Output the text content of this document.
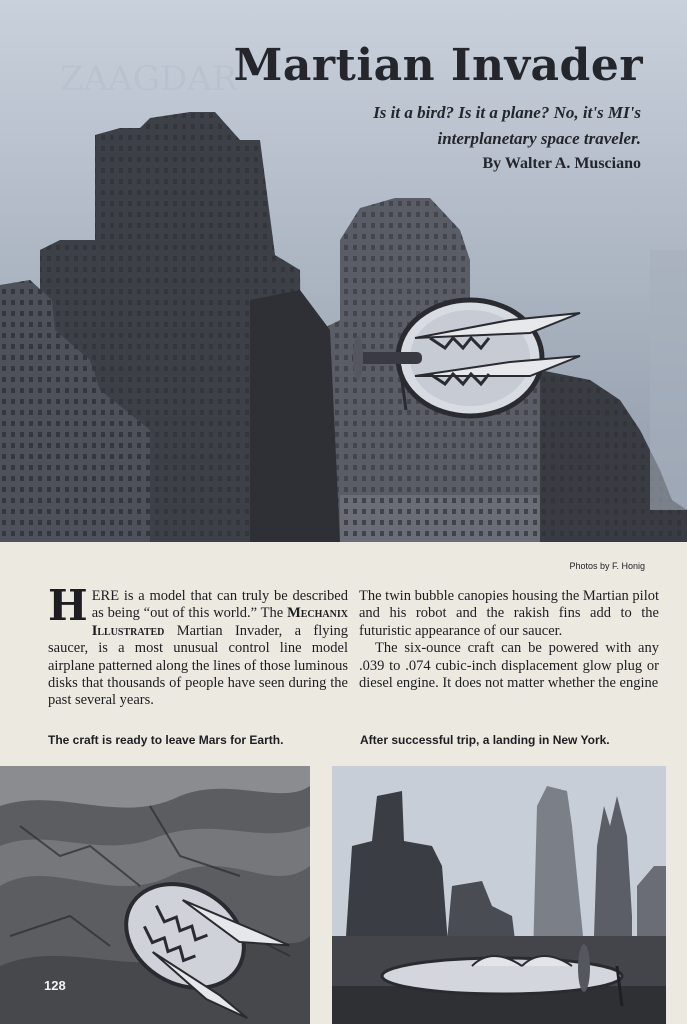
ZAAGDAR
Martian Invader
Is it a bird? Is it a plane? No, it's MI's interplanetary space traveler.
By Walter A. Musciano
Photos by F. Honig

HERE is a model that can truly be described as being “out of this world.” The Mechanix Illustrated Martian Invader, a flying saucer, is a most unusual control line model airplane patterned along the lines of those luminous disks that thousands of people have seen during the past several years.

The twin bubble canopies housing the Martian pilot and his robot and the rakish fins add to the futuristic appearance of our saucer.

The six-ounce craft can be powered with any .039 to .074 cubic-inch displacement glow plug or diesel engine. It does not matter whether the engine

The craft is ready to leave Mars for Earth.	After successful trip, a landing in New York.
128
